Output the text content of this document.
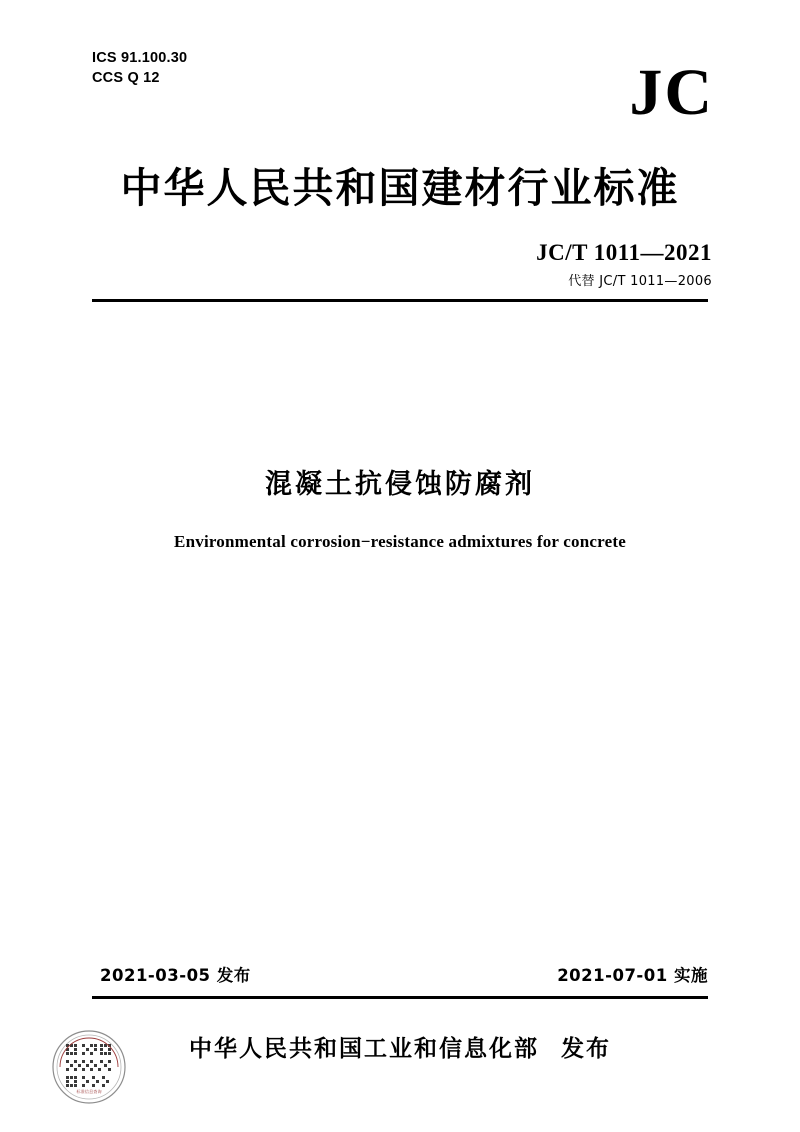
ICS 91.100.30
CCS Q 12	JC
中华人民共和国建材行业标准
JC/T 1011—2021
代替 JC/T 1011—2006
混凝土抗侵蚀防腐剂
Environmental corrosion−resistance admixtures for concrete
2021-03-05 发布	2021-07-01 实施
中华人民共和国工业和信息化部 发布
标准信息查询
